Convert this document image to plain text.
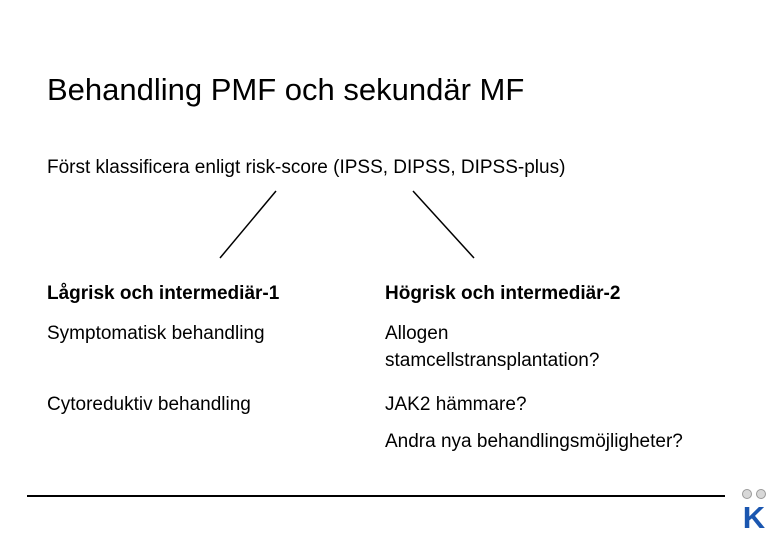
Behandling PMF och sekundär MF
Först klassificera enligt risk-score (IPSS, DIPSS, DIPSS-plus)
Lågrisk och intermediär-1	Högrisk och intermediär-2
Symptomatisk behandling
Cytoreduktiv behandling
Allogen stamcellstransplantation?
JAK2 hämmare?
Andra nya behandlingsmöjligheter?
K
